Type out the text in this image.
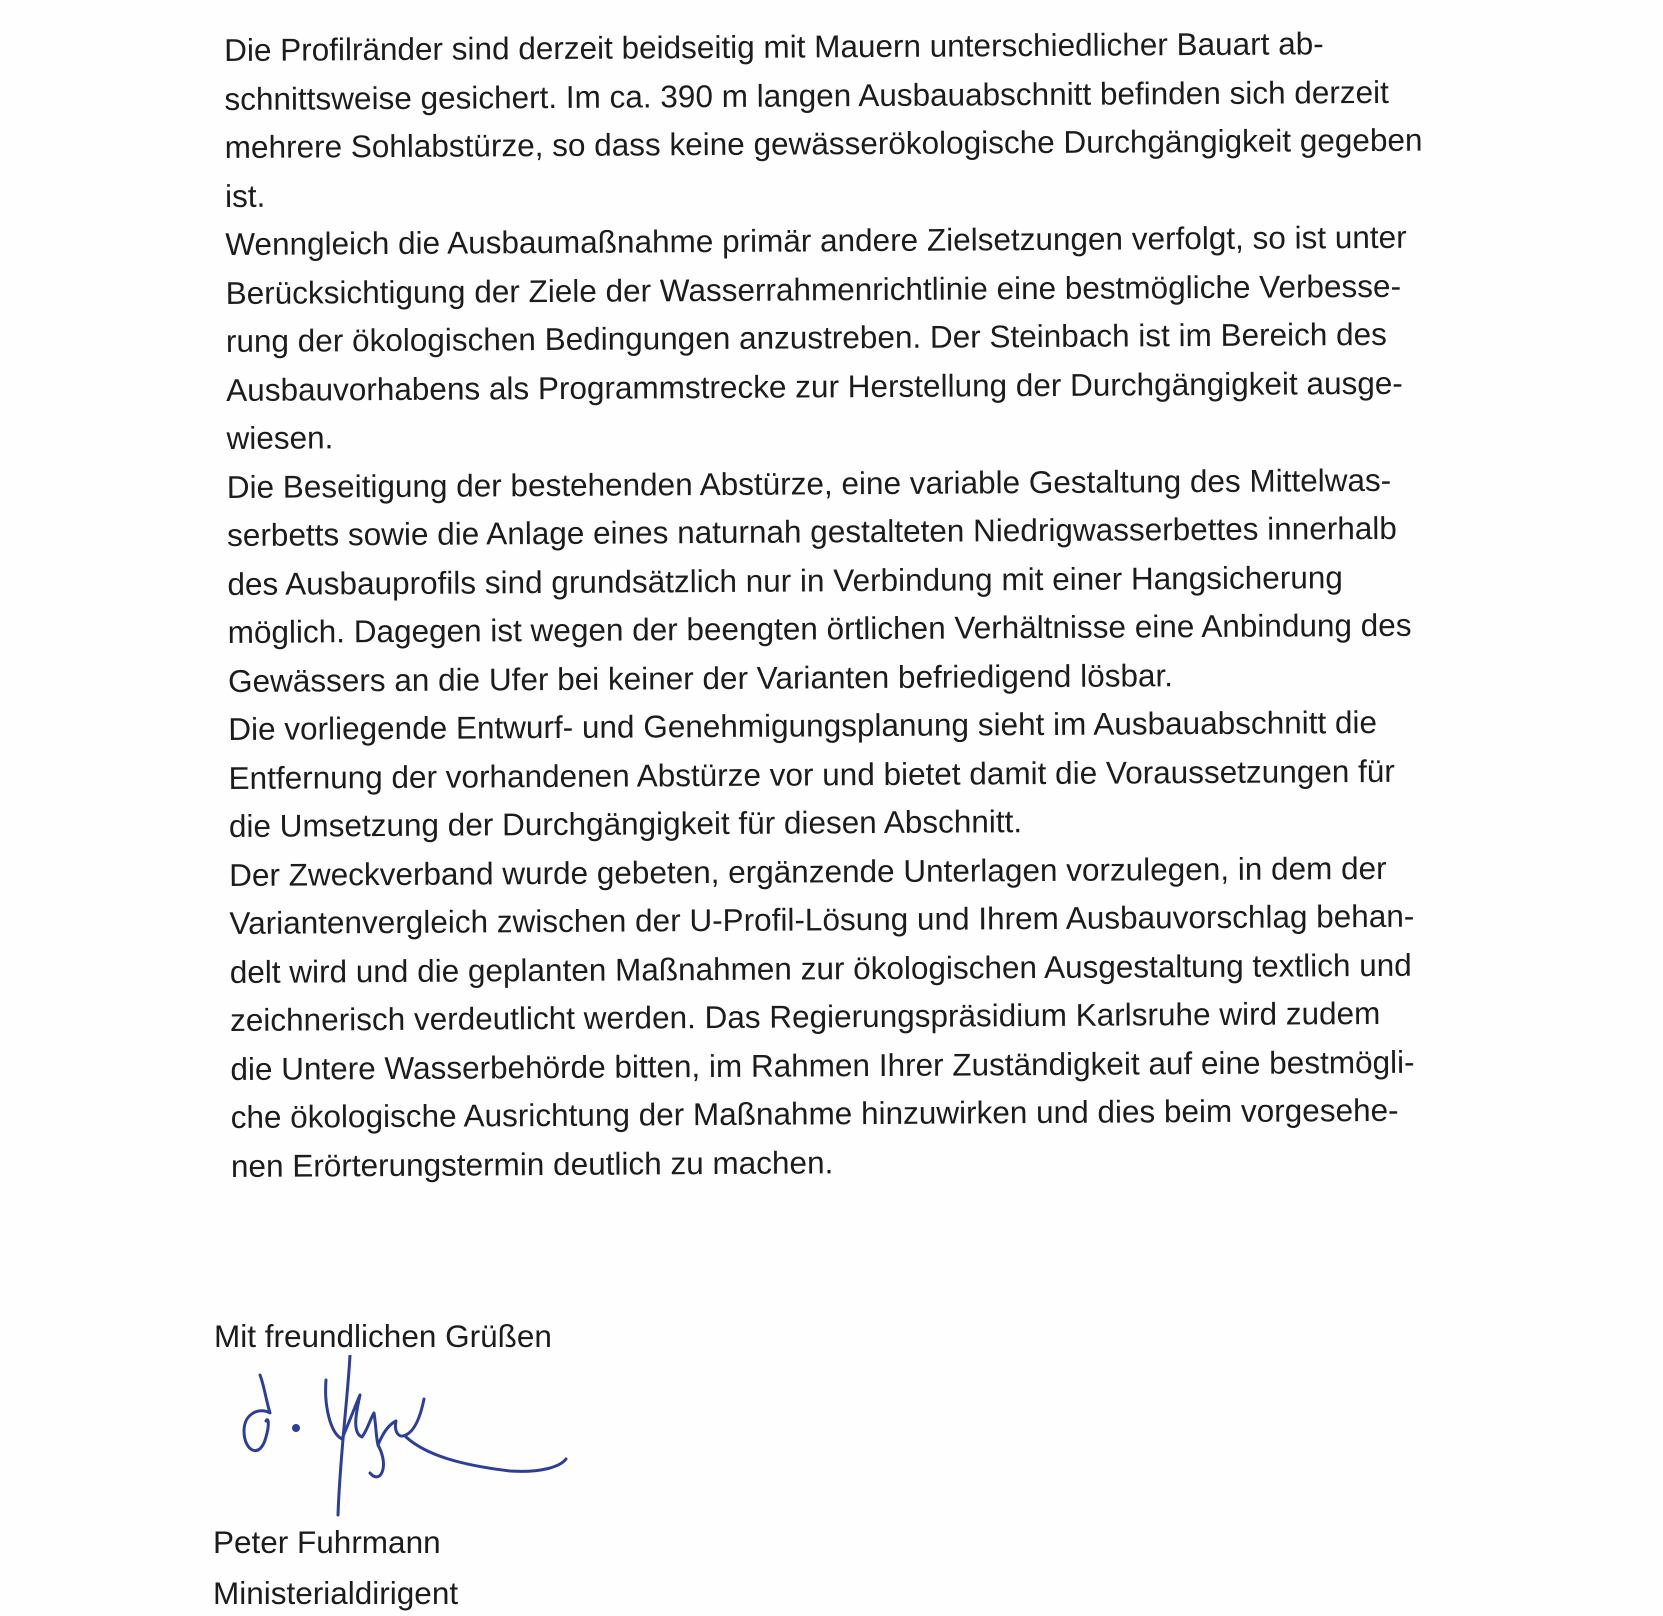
Die Profilränder sind derzeit beidseitig mit Mauern unterschiedlicher Bauart ab-
schnittsweise gesichert. Im ca. 390 m langen Ausbauabschnitt befinden sich derzeit
mehrere Sohlabstürze, so dass keine gewässerökologische Durchgängigkeit gegeben
ist.
Wenngleich die Ausbaumaßnahme primär andere Zielsetzungen verfolgt, so ist unter
Berücksichtigung der Ziele der Wasserrahmenrichtlinie eine bestmögliche Verbesse-
rung der ökologischen Bedingungen anzustreben. Der Steinbach ist im Bereich des
Ausbauvorhabens als Programmstrecke zur Herstellung der Durchgängigkeit ausge-
wiesen.
Die Beseitigung der bestehenden Abstürze, eine variable Gestaltung des Mittelwas-
serbetts sowie die Anlage eines naturnah gestalteten Niedrigwasserbettes innerhalb
des Ausbauprofils sind grundsätzlich nur in Verbindung mit einer Hangsicherung
möglich. Dagegen ist wegen der beengten örtlichen Verhältnisse eine Anbindung des
Gewässers an die Ufer bei keiner der Varianten befriedigend lösbar.
Die vorliegende Entwurf- und Genehmigungsplanung sieht im Ausbauabschnitt die
Entfernung der vorhandenen Abstürze vor und bietet damit die Voraussetzungen für
die Umsetzung der Durchgängigkeit für diesen Abschnitt.
Der Zweckverband wurde gebeten, ergänzende Unterlagen vorzulegen, in dem der
Variantenvergleich zwischen der U-Profil-Lösung und Ihrem Ausbauvorschlag behan-
delt wird und die geplanten Maßnahmen zur ökologischen Ausgestaltung textlich und
zeichnerisch verdeutlicht werden. Das Regierungspräsidium Karlsruhe wird zudem
die Untere Wasserbehörde bitten, im Rahmen Ihrer Zuständigkeit auf eine bestmögli-
che ökologische Ausrichtung der Maßnahme hinzuwirken und dies beim vorgesehe-
nen Erörterungstermin deutlich zu machen.
Mit freundlichen Grüßen
Peter Fuhrmann
Ministerialdirigent
